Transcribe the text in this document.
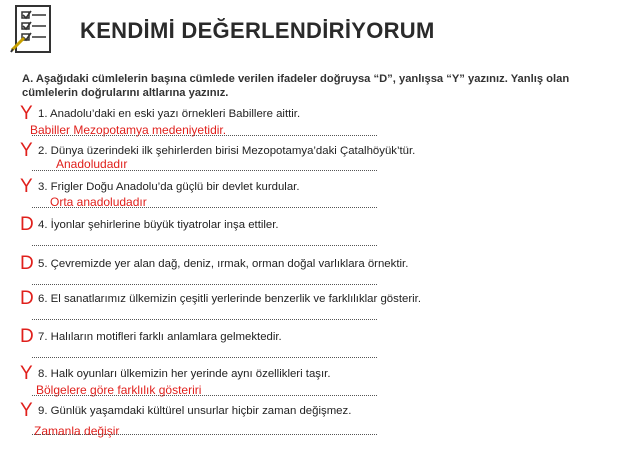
KENDİMİ DEĞERLENDİRİYORUM
A. Aşağıdaki cümlelerin başına cümlede verilen ifadeler doğruysa “D”, yanlışsa “Y” yazınız. Yanlış olan cümlelerin doğrularını altlarına yazınız.
Y 1. Anadolu’daki en eski yazı örnekleri Babillere aittir.
Babiller Mezopotamya medeniyetidir.
Y 2. Dünya üzerindeki ilk şehirlerden birisi Mezopotamya’daki Çatalhöyük’tür.
Anadoludadır
Y 3. Frigler Doğu Anadolu’da güçlü bir devlet kurdular.
Orta anadoludadır
D 4. İyonlar şehirlerine büyük tiyatrolar inşa ettiler.
D 5. Çevremizde yer alan dağ, deniz, ırmak, orman doğal varlıklara örnektir.
D 6. El sanatlarımız ülkemizin çeşitli yerlerinde benzerlik ve farklılıklar gösterir.
D 7. Halıların motifleri farklı anlamlara gelmektedir.
Y 8. Halk oyunları ülkemizin her yerinde aynı özellikleri taşır.
Bölgelere göre farklılık gösteriri
Y 9. Günlük yaşamdaki kültürel unsurlar hiçbir zaman değişmez.
Zamanla değişir
